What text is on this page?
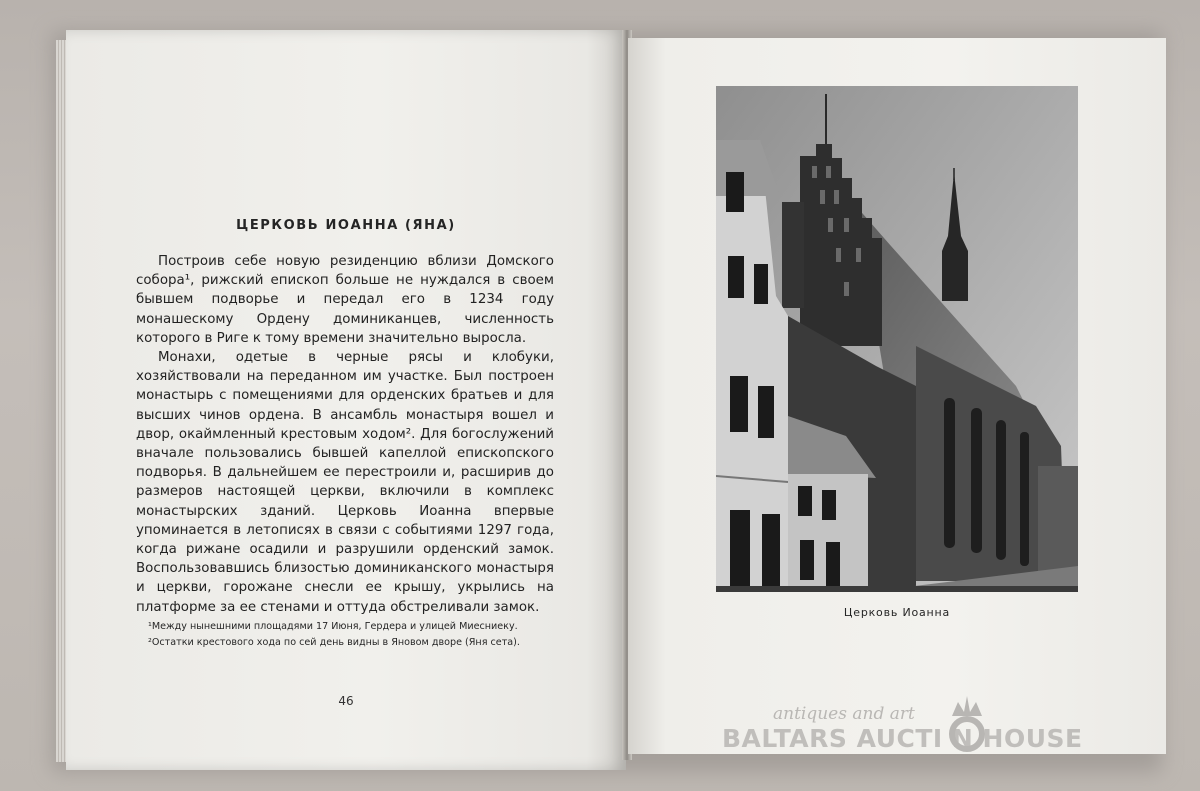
ЦЕРКОВЬ ИОАННА (ЯНА)

Построив себе новую резиденцию вблизи Домского собора¹, рижский епископ больше не нуждался в своем бывшем подворье и передал его в 1234 году монашескому Ордену доминиканцев, численность которого в Риге к тому времени значительно выросла.

Монахи, одетые в черные рясы и клобуки, хозяйствовали на переданном им участке. Был построен монастырь с помещениями для орденских братьев и для высших чинов ордена. В ансамбль монастыря вошел и двор, окаймленный крестовым ходом². Для богослужений вначале пользовались бывшей капеллой епископского подворья. В дальнейшем ее перестроили и, расширив до размеров настоящей церкви, включили в комплекс монастырских зданий. Церковь Иоанна впервые упоминается в летописях в связи с событиями 1297 года, когда рижане осадили и разрушили орденский замок. Воспользовавшись близостью доминиканского монастыря и церкви, горожане снесли ее крышу, укрылись на платформе за ее стенами и оттуда обстреливали замок.

¹Между нынешними площадями 17 Июня, Гердера и улицей Миесниеку.

²Остатки крестового хода по сей день видны в Яновом дворе (Яня сета).

46
Церковь Иоанна
antiques and art
BALTARS AUCTI N HOUSE
